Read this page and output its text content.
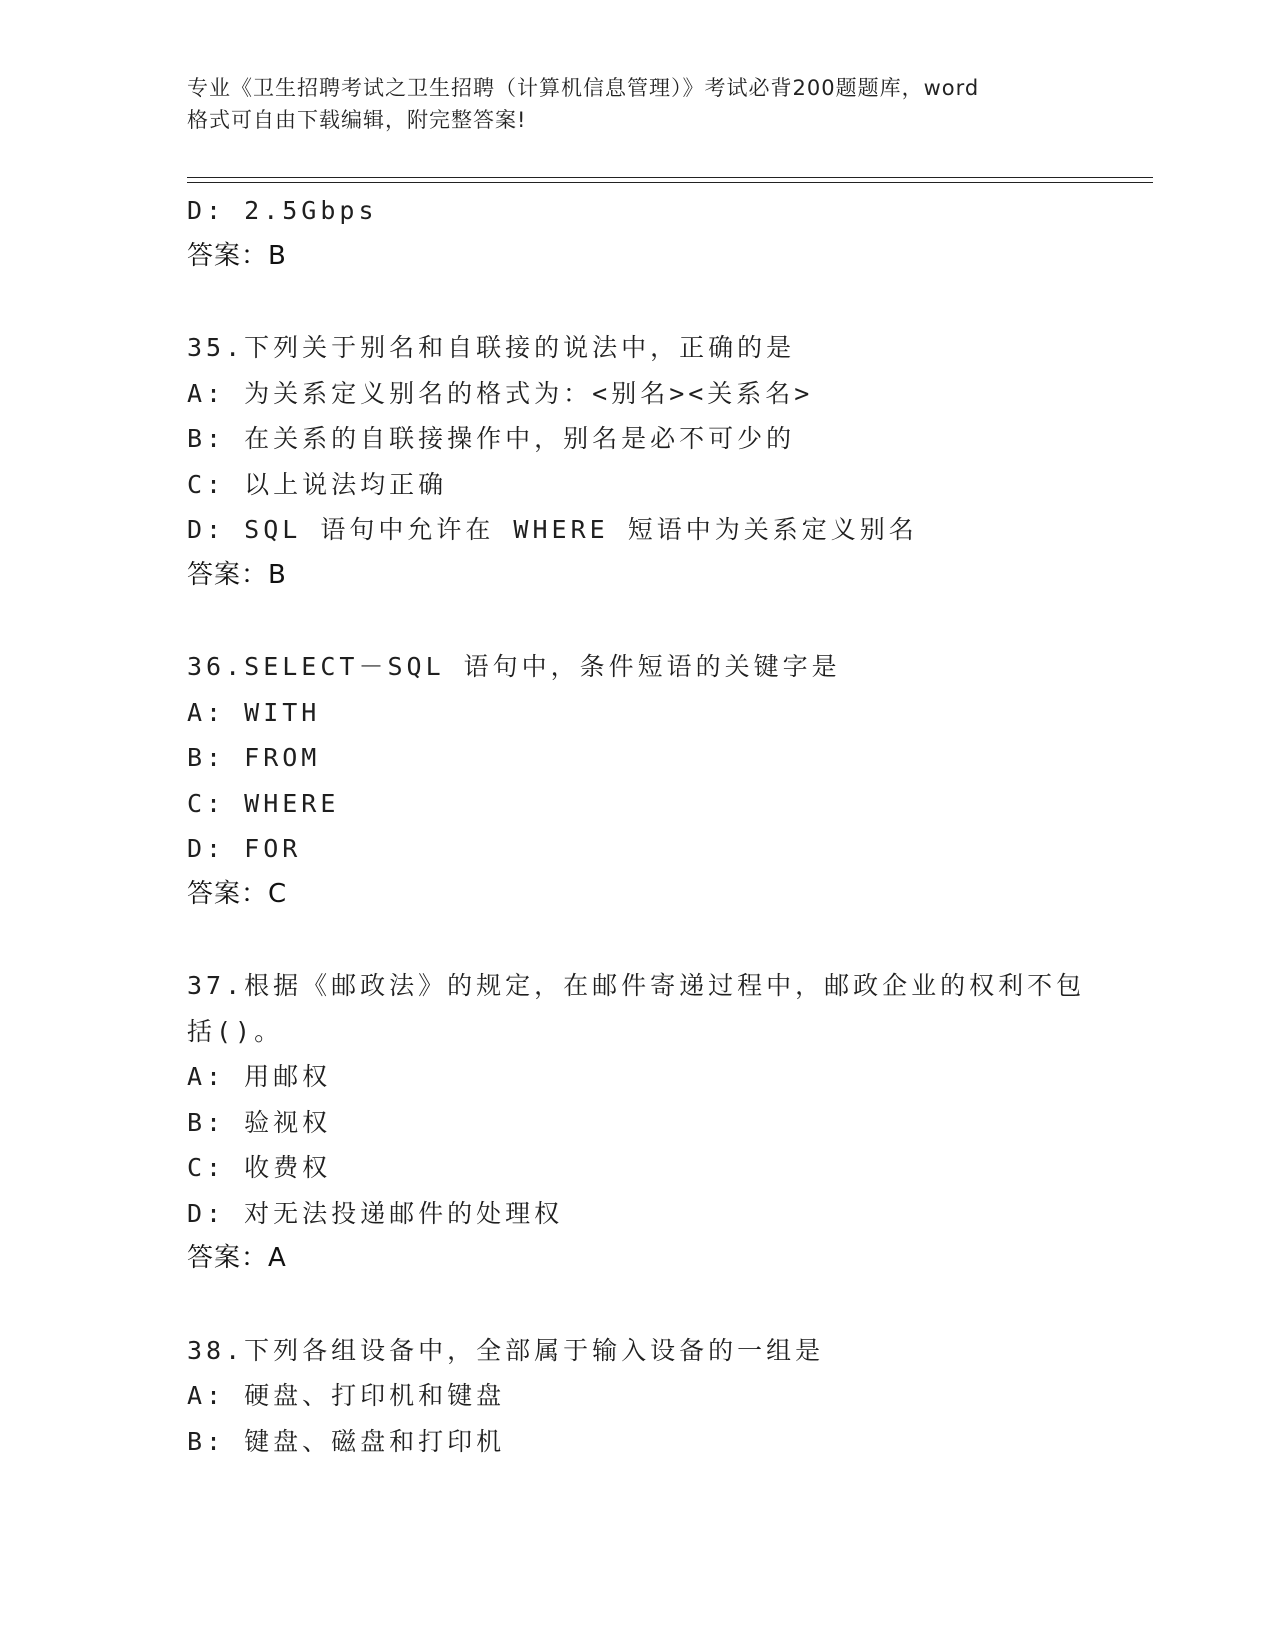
专业《卫生招聘考试之卫生招聘（计算机信息管理）》考试必背200题题库，word
格式可自由下载编辑，附完整答案!
D: 2.5Gbps
答案：B
35.下列关于别名和自联接的说法中，正确的是
A: 为关系定义别名的格式为：<别名><关系名>
B: 在关系的自联接操作中，别名是必不可少的
C: 以上说法均正确
D: SQL 语句中允许在 WHERE 短语中为关系定义别名
答案：B
36.SELECT－SQL 语句中，条件短语的关键字是
A: WITH
B: FROM
C: WHERE
D: FOR
答案：C
37.根据《邮政法》的规定，在邮件寄递过程中，邮政企业的权利不包
括()。
A: 用邮权
B: 验视权
C: 收费权
D: 对无法投递邮件的处理权
答案：A
38.下列各组设备中，全部属于输入设备的一组是
A: 硬盘、打印机和键盘
B: 键盘、磁盘和打印机
